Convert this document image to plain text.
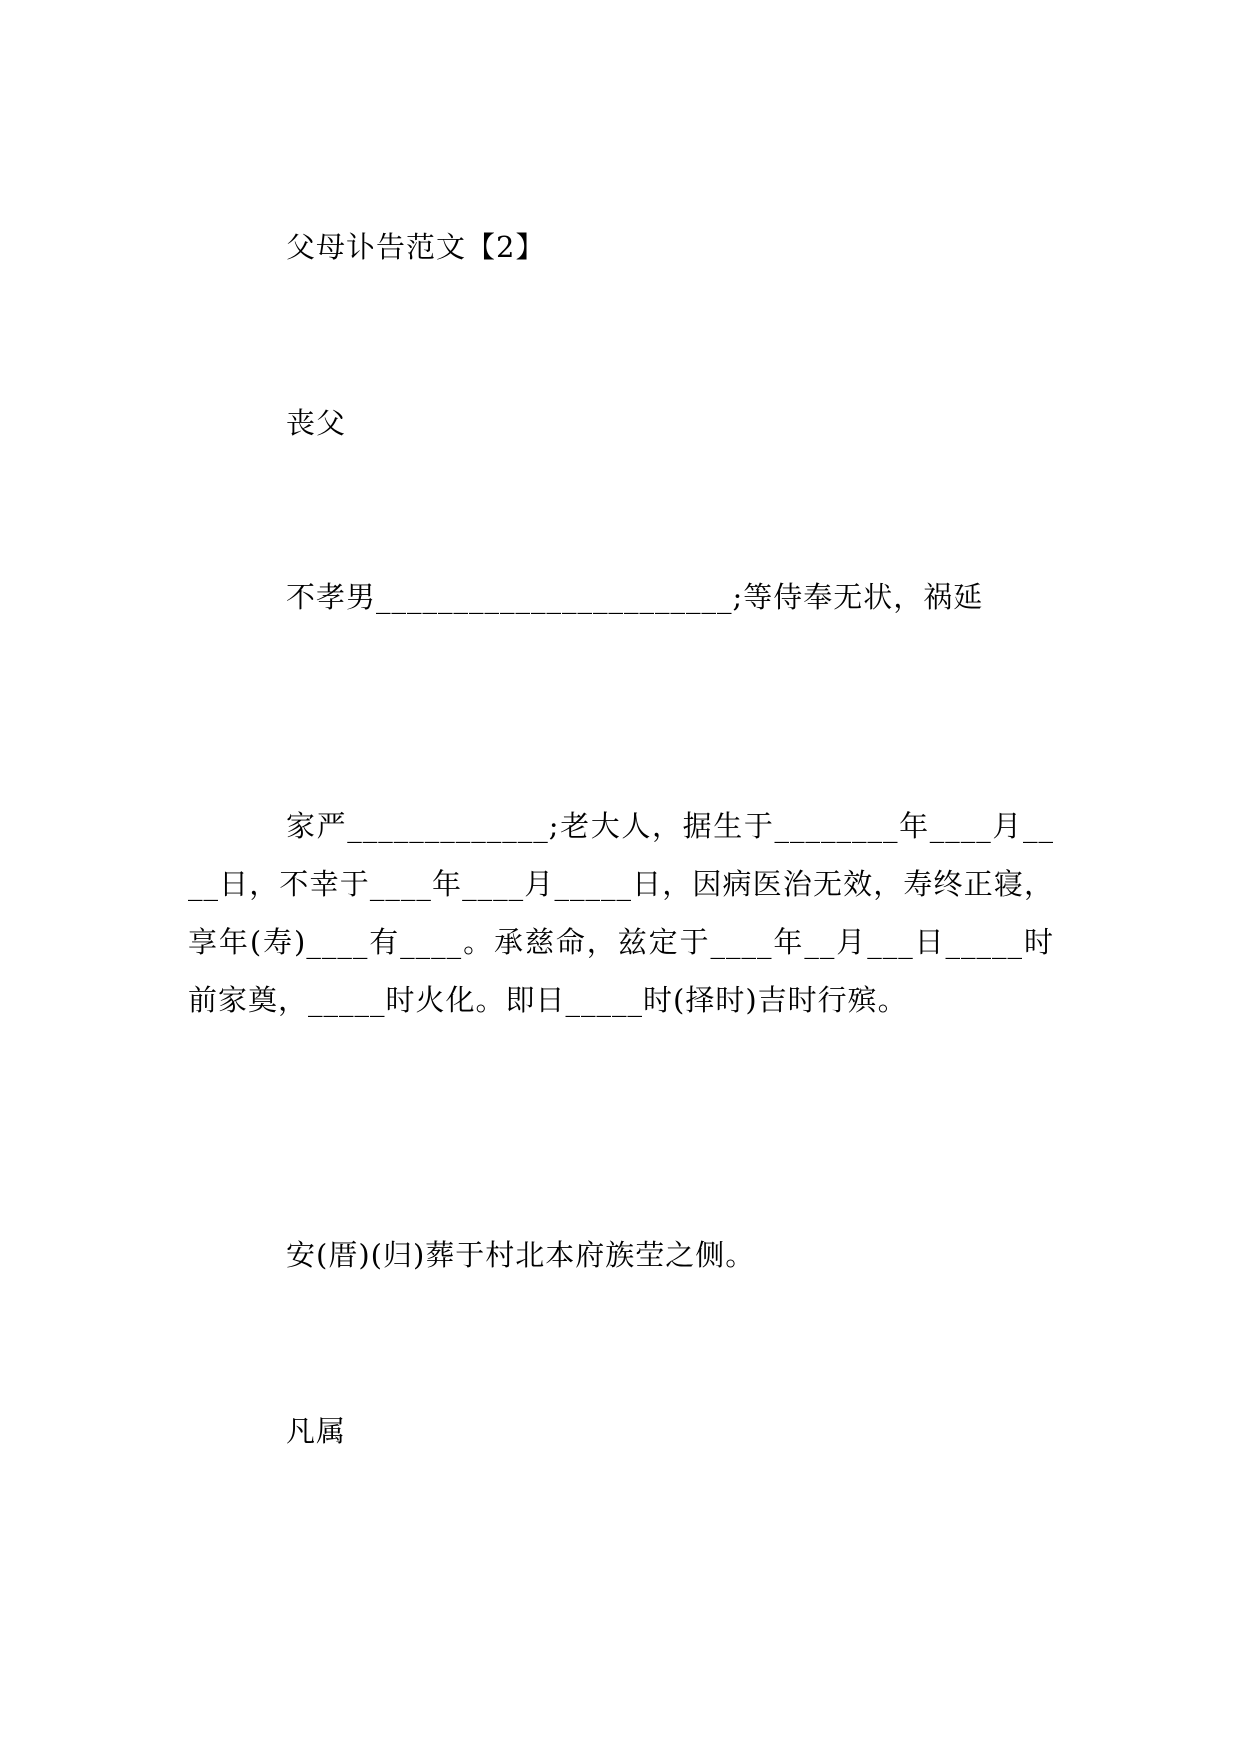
父母讣告范文【2】

丧父

不孝男_______________________;等侍奉无状，祸延

家严_____________;老大人，据生于________年____月____日，不幸于____年____月_____日，因病医治无效，寿终正寝，享年(寿)____有____。承慈命，兹定于____年__月___日_____时前家奠，_____时火化。即日_____时(择时)吉时行殡。

安(厝)(归)葬于村北本府族茔之侧。

凡属
